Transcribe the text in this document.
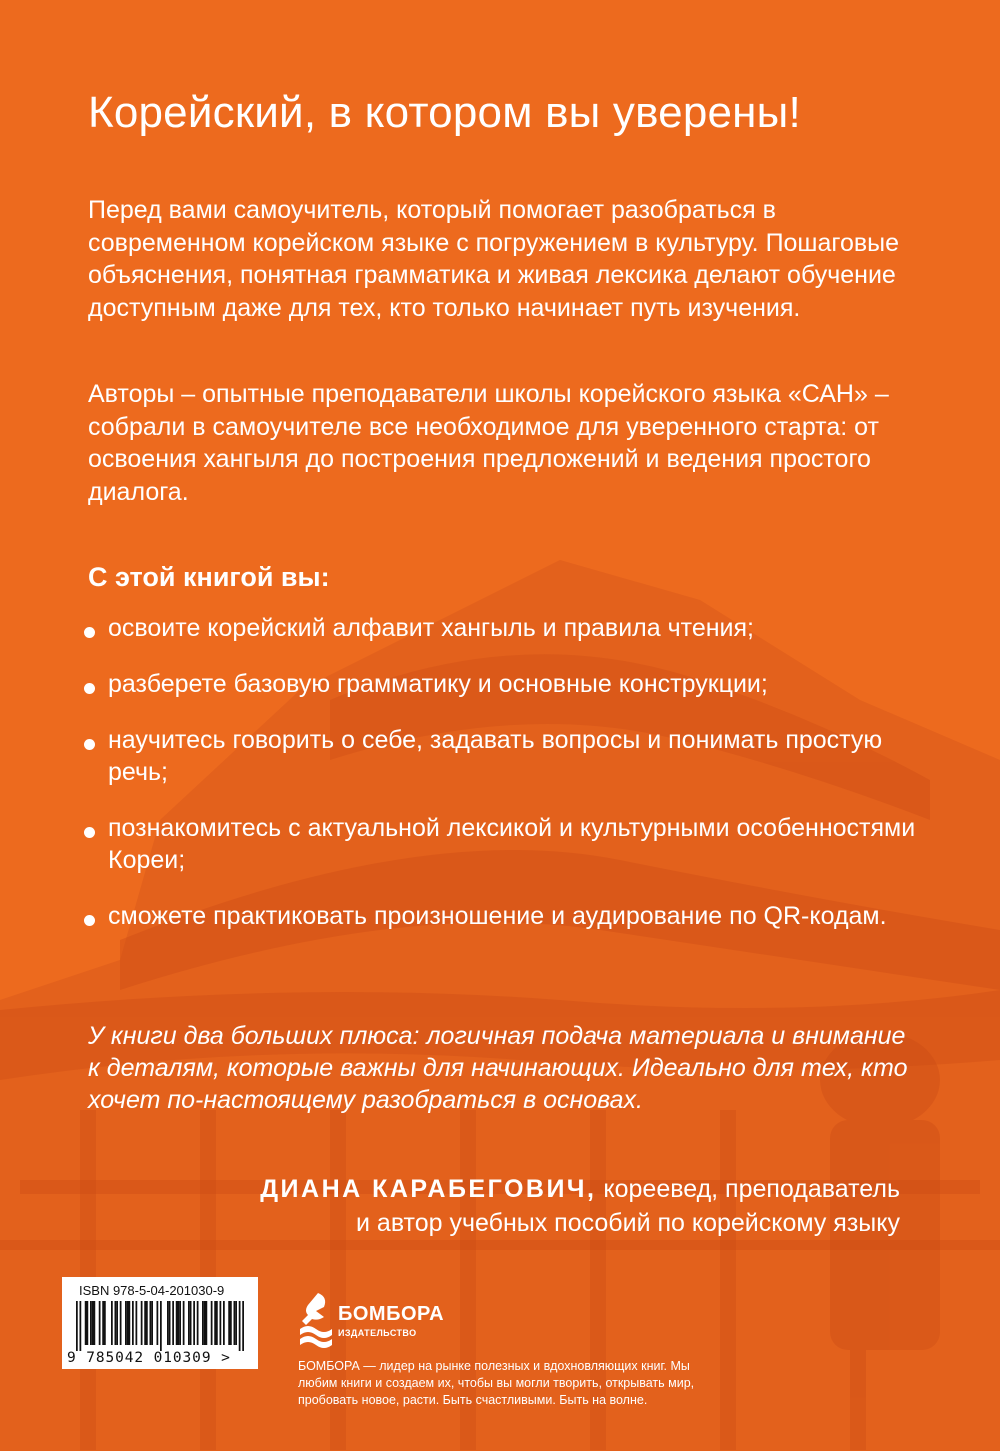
Корейский, в котором вы уверены!

Перед вами самоучитель, который помогает разобраться в современном корейском языке с погружением в культуру. Пошаговые объяснения, понятная грамматика и живая лексика делают обучение доступным даже для тех, кто только начинает путь изучения.

Авторы – опытные преподаватели школы корейского языка «САН» – собрали в самоучителе все необходимое для уверенного старта: от освоения хангыля до построения предложений и ведения простого диалога.

С этой книгой вы:
освоите корейский алфавит хангыль и правила чтения;
разберете базовую грамматику и основные конструкции;
научитесь говорить о себе, задавать вопросы и понимать простую речь;
познакомитесь с актуальной лексикой и культурными особенностями Кореи;
сможете практиковать произношение и аудирование по QR-кодам.

У книги два больших плюса: логичная подача материала и внимание к деталям, которые важны для начинающих. Идеально для тех, кто хочет по-настоящему разобраться в основах.

ДИАНА КАРАБЕГОВИЧ, кореевед, преподаватель
и автор учебных пособий по корейскому языку
ISBN 978-5-04-201030-9
9 785042 010309 >
БОМБОРА
ИЗДАТЕЛЬСТВО

БОМБОРА — лидер на рынке полезных и вдохновляющих книг. Мы любим книги и создаем их, чтобы вы могли творить, открывать мир, пробовать новое, расти. Быть счастливыми. Быть на волне.
